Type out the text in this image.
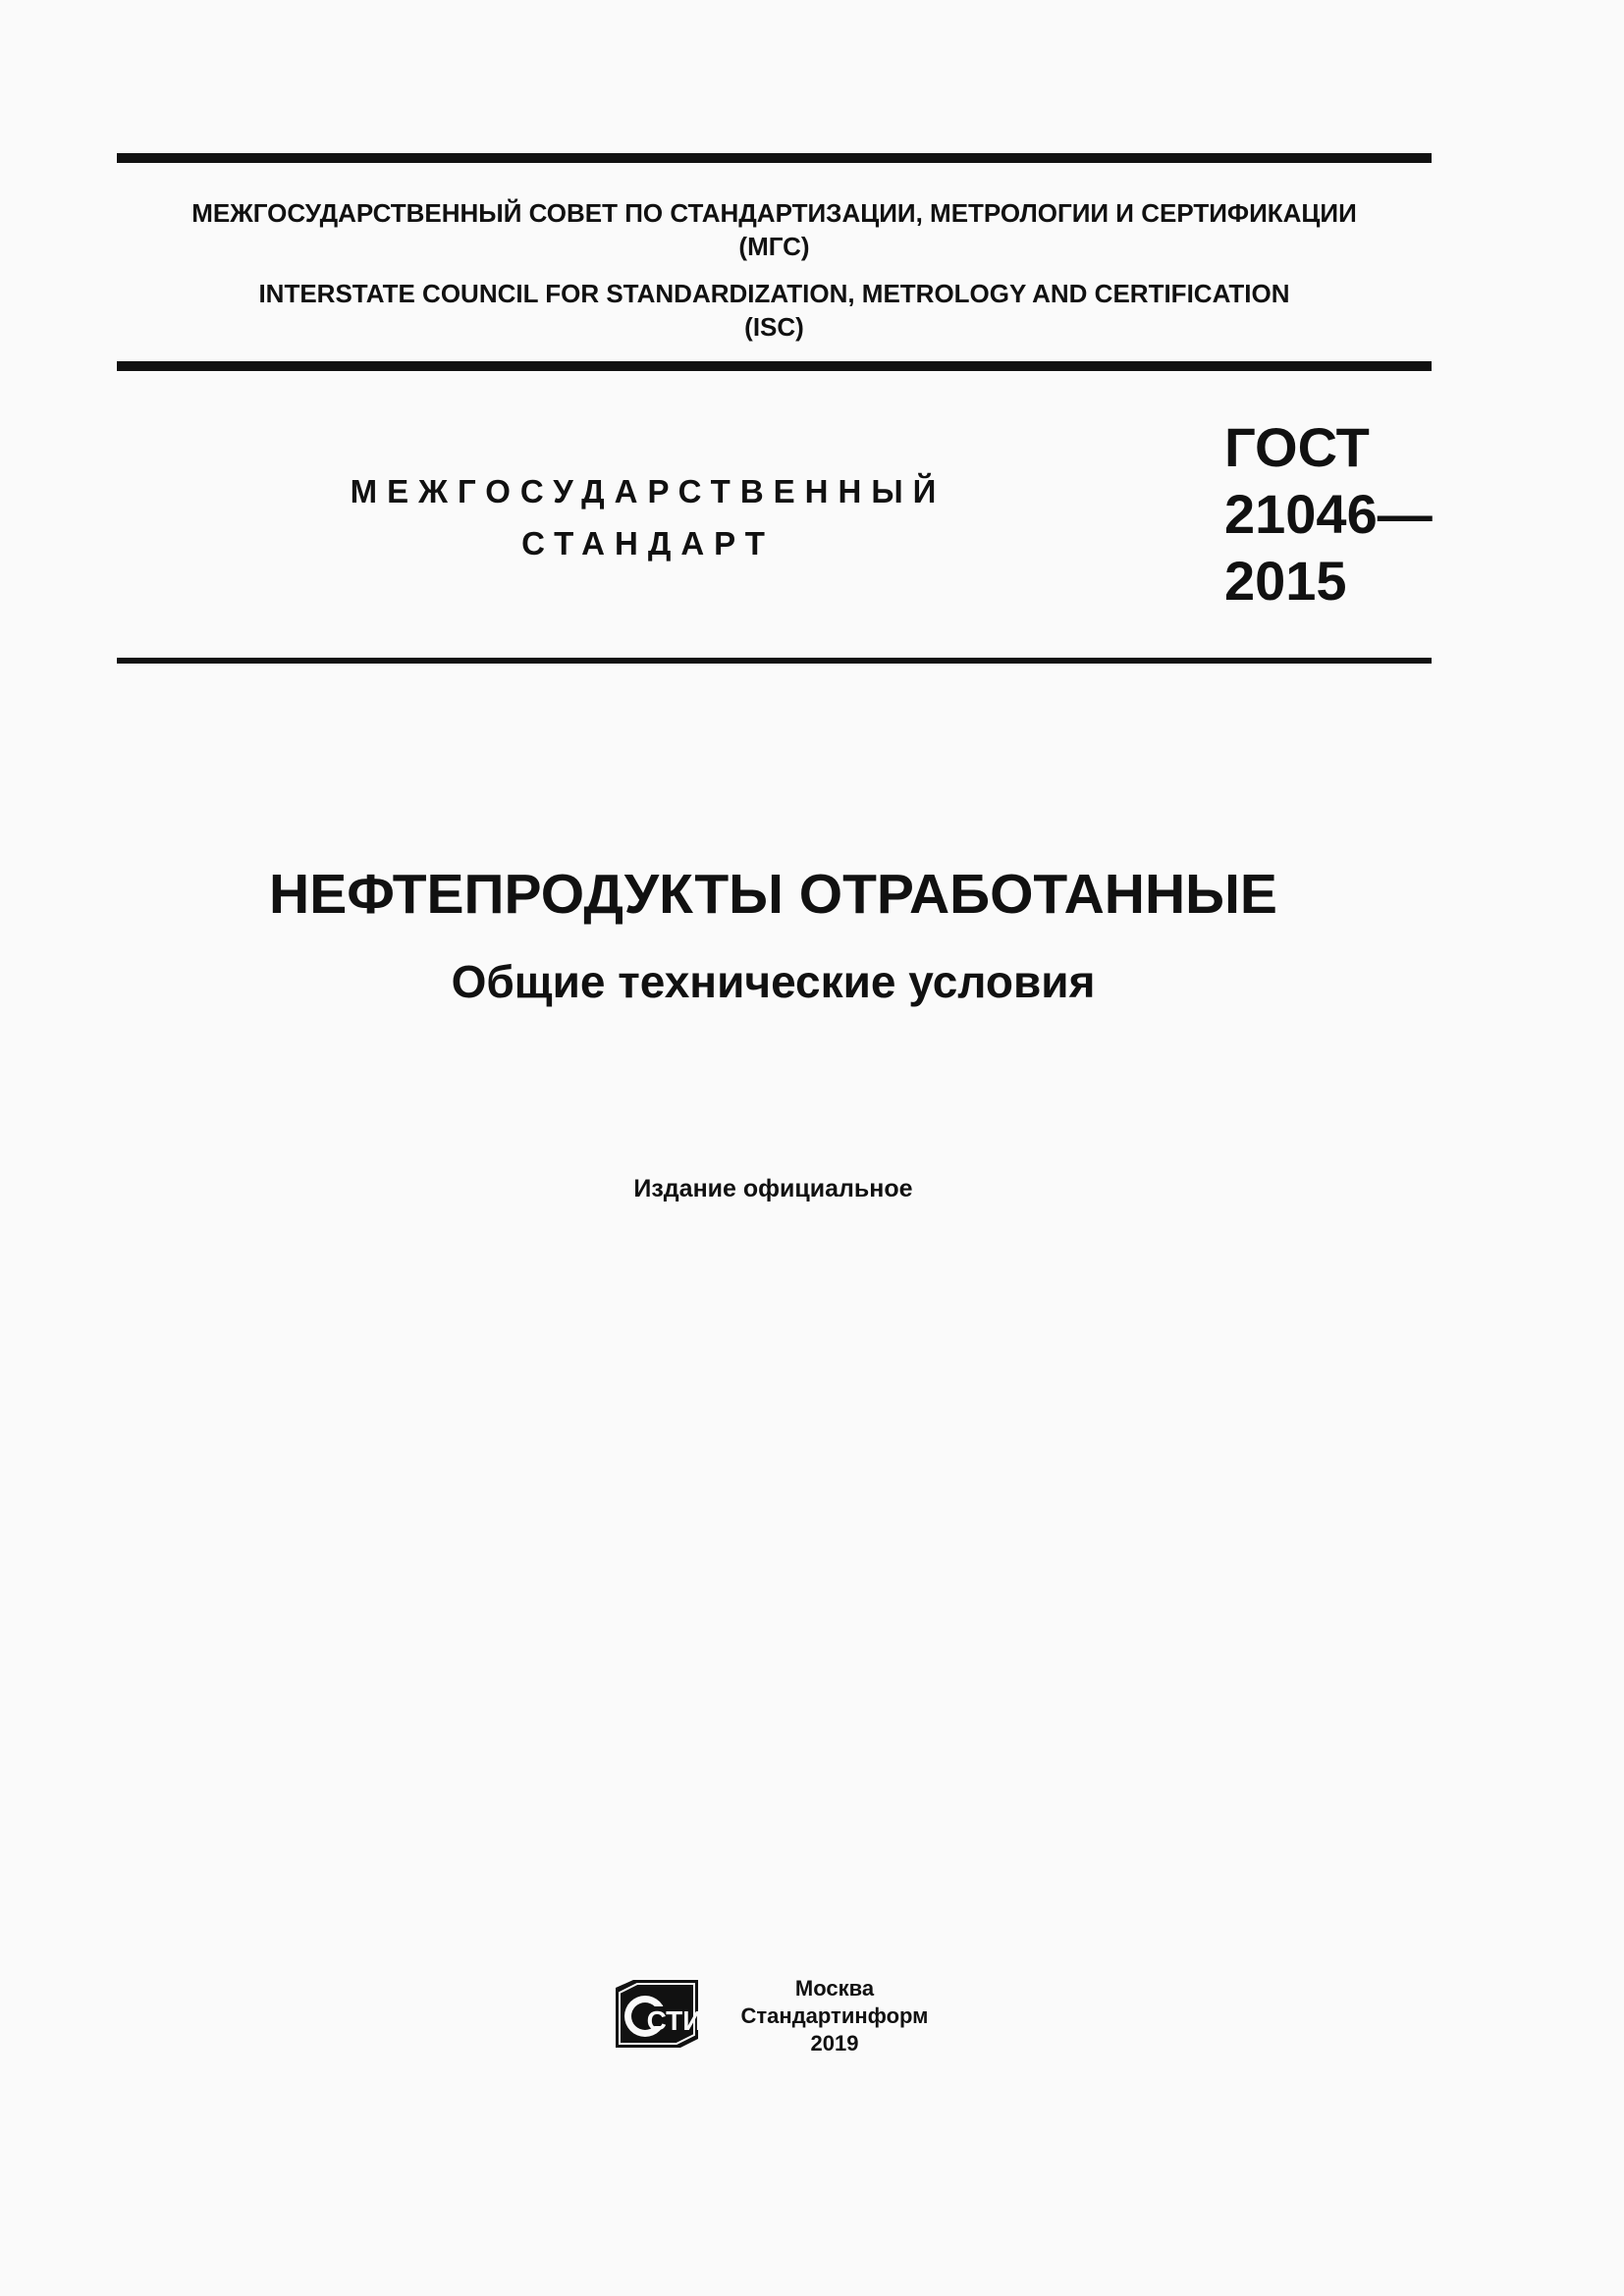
МЕЖГОСУДАРСТВЕННЫЙ СОВЕТ ПО СТАНДАРТИЗАЦИИ, МЕТРОЛОГИИ И СЕРТИФИКАЦИИ
(МГС)
INTERSTATE COUNCIL FOR STANDARDIZATION, METROLOGY AND CERTIFICATION
(ISC)
МЕЖГОСУДАРСТВЕННЫЙ
СТАНДАРТ
ГОСТ
21046—
2015
НЕФТЕПРОДУКТЫ ОТРАБОТАННЫЕ
Общие технические условия
Издание официальное
СТИ
Москва
Стандартинформ
2019
